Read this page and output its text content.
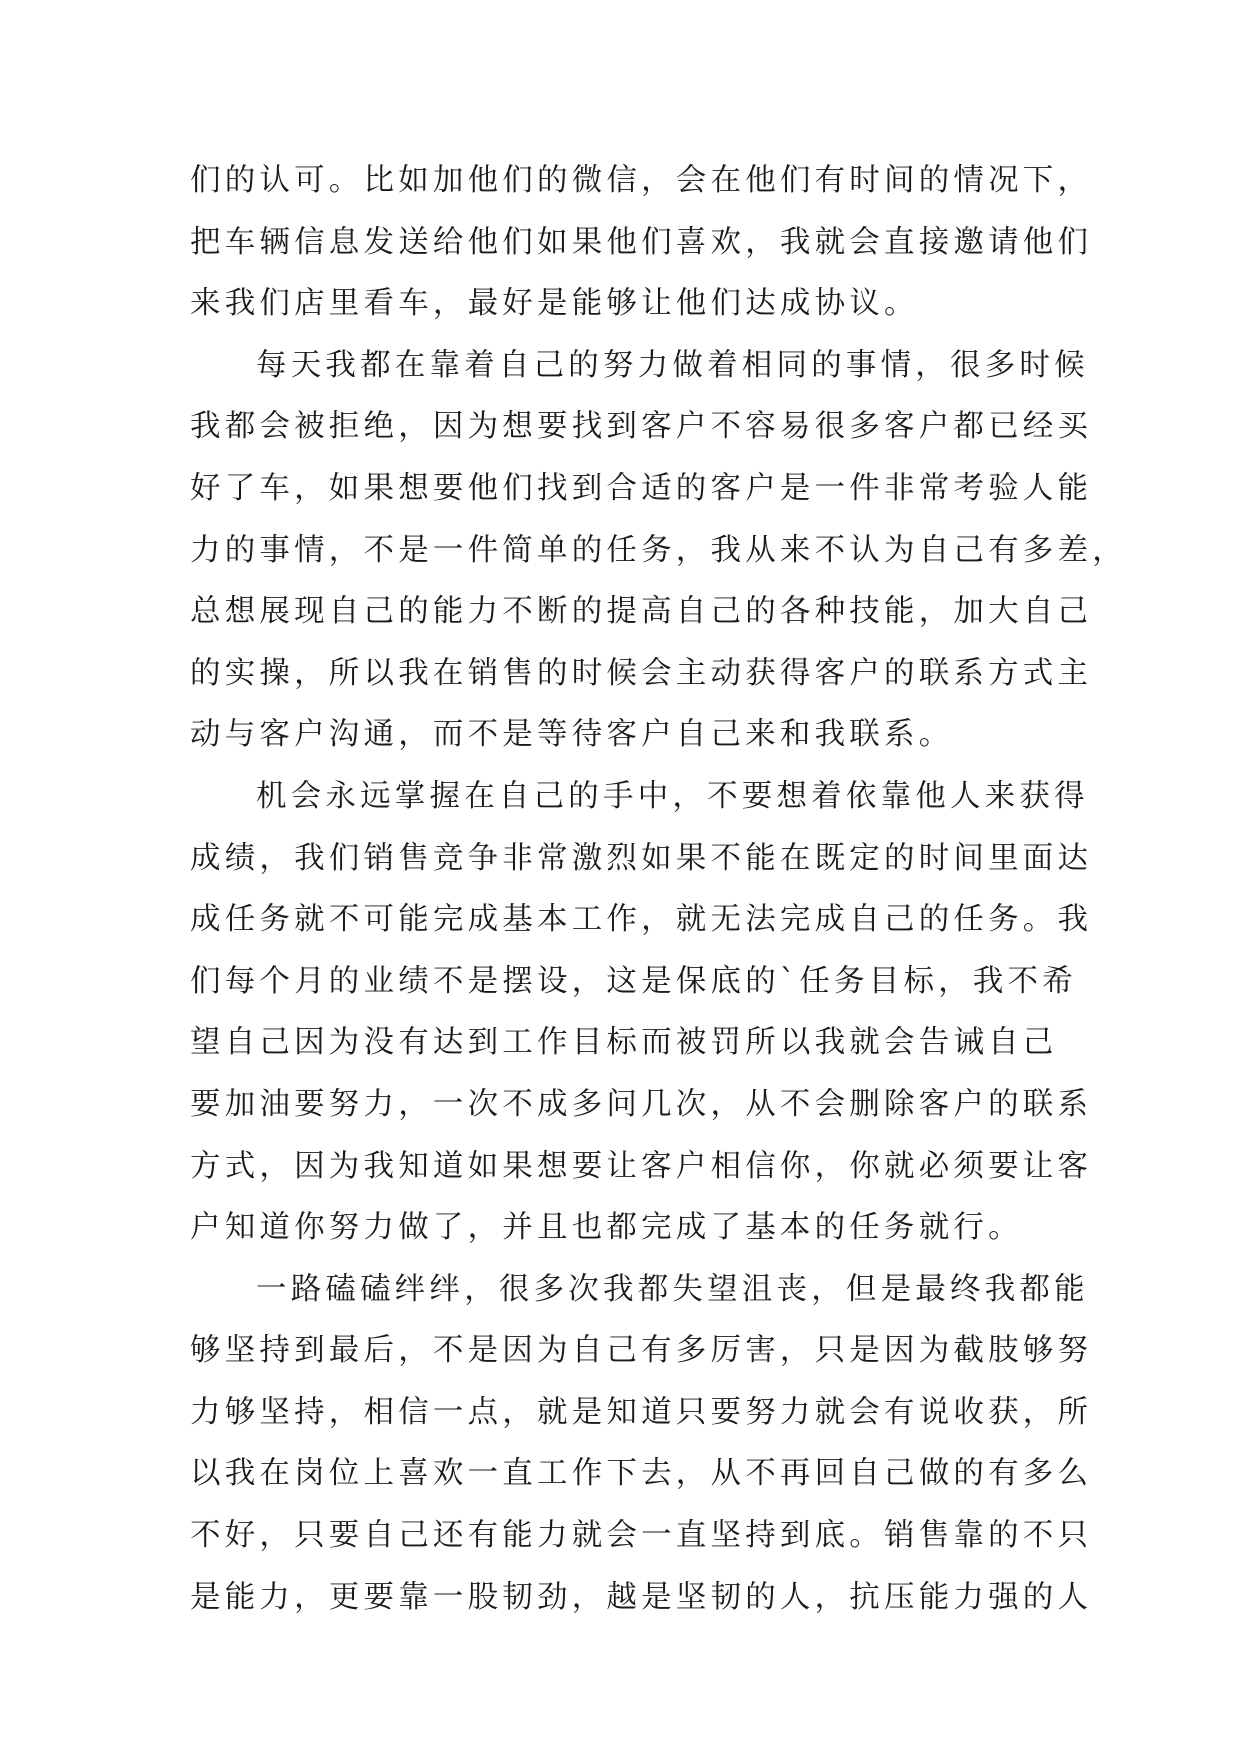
们的认可。比如加他们的微信，会在他们有时间的情况下，
把车辆信息发送给他们如果他们喜欢，我就会直接邀请他们
来我们店里看车，最好是能够让他们达成协议。
每天我都在靠着自己的努力做着相同的事情，很多时候
我都会被拒绝，因为想要找到客户不容易很多客户都已经买
好了车，如果想要他们找到合适的客户是一件非常考验人能
力的事情，不是一件简单的任务，我从来不认为自己有多差，
总想展现自己的能力不断的提高自己的各种技能，加大自己
的实操，所以我在销售的时候会主动获得客户的联系方式主
动与客户沟通，而不是等待客户自己来和我联系。
机会永远掌握在自己的手中，不要想着依靠他人来获得
成绩，我们销售竞争非常激烈如果不能在既定的时间里面达
成任务就不可能完成基本工作，就无法完成自己的任务。我
们每个月的业绩不是摆设，这是保底的`任务目标，我不希
望自己因为没有达到工作目标而被罚所以我就会告诫自己
要加油要努力，一次不成多问几次，从不会删除客户的联系
方式，因为我知道如果想要让客户相信你，你就必须要让客
户知道你努力做了，并且也都完成了基本的任务就行。
一路磕磕绊绊，很多次我都失望沮丧，但是最终我都能
够坚持到最后，不是因为自己有多厉害，只是因为截肢够努
力够坚持，相信一点，就是知道只要努力就会有说收获，所
以我在岗位上喜欢一直工作下去，从不再回自己做的有多么
不好，只要自己还有能力就会一直坚持到底。销售靠的不只
是能力，更要靠一股韧劲，越是坚韧的人，抗压能力强的人
